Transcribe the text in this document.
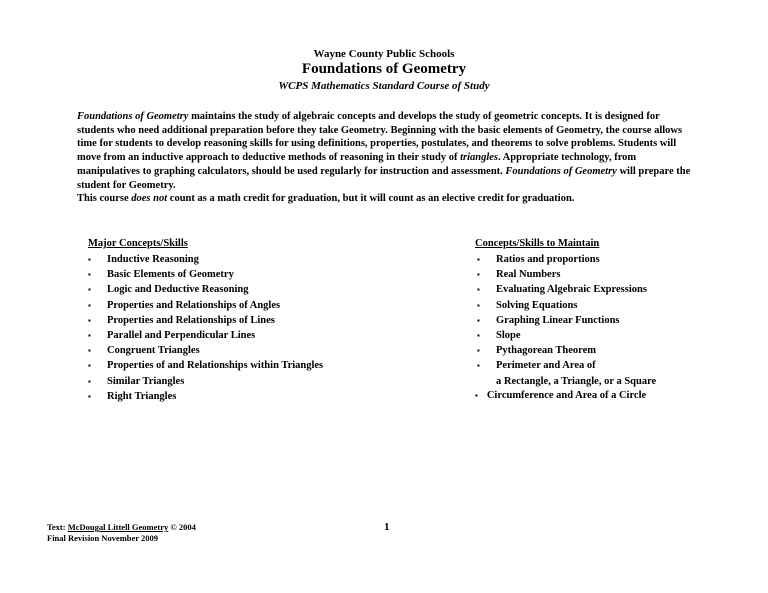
Wayne County Public Schools
Foundations of Geometry
WCPS Mathematics Standard Course of Study

Foundations of Geometry maintains the study of algebraic concepts and develops the study of geometric concepts. It is designed for students who need additional preparation before they take Geometry. Beginning with the basic elements of Geometry, the course allows time for students to develop reasoning skills for using definitions, properties, postulates, and theorems to solve problems. Students will move from an inductive approach to deductive methods of reasoning in their study of triangles. Appropriate technology, from manipulatives to graphing calculators, should be used regularly for instruction and assessment. Foundations of Geometry will prepare the student for Geometry.

This course does not count as a math credit for graduation, but it will count as an elective credit for graduation.

Major Concepts/Skills
▪ Inductive Reasoning
▪ Basic Elements of Geometry
▪ Logic and Deductive Reasoning
▪ Properties and Relationships of Angles
▪ Properties and Relationships of Lines
▪ Parallel and Perpendicular Lines
▪ Congruent Triangles
▪ Properties of and Relationships within Triangles
▪ Similar Triangles
▪ Right Triangles
Concepts/Skills to Maintain
▪ Ratios and proportions
▪ Real Numbers
▪ Evaluating Algebraic Expressions
▪ Solving Equations
▪ Graphing Linear Functions
▪ Slope
▪ Pythagorean Theorem
▪ Perimeter and Area of
a Rectangle, a Triangle, or a Square
▪ Circumference and Area of a Circle
Text: McDougal Littell Geometry © 2004
Final Revision November 2009
1
